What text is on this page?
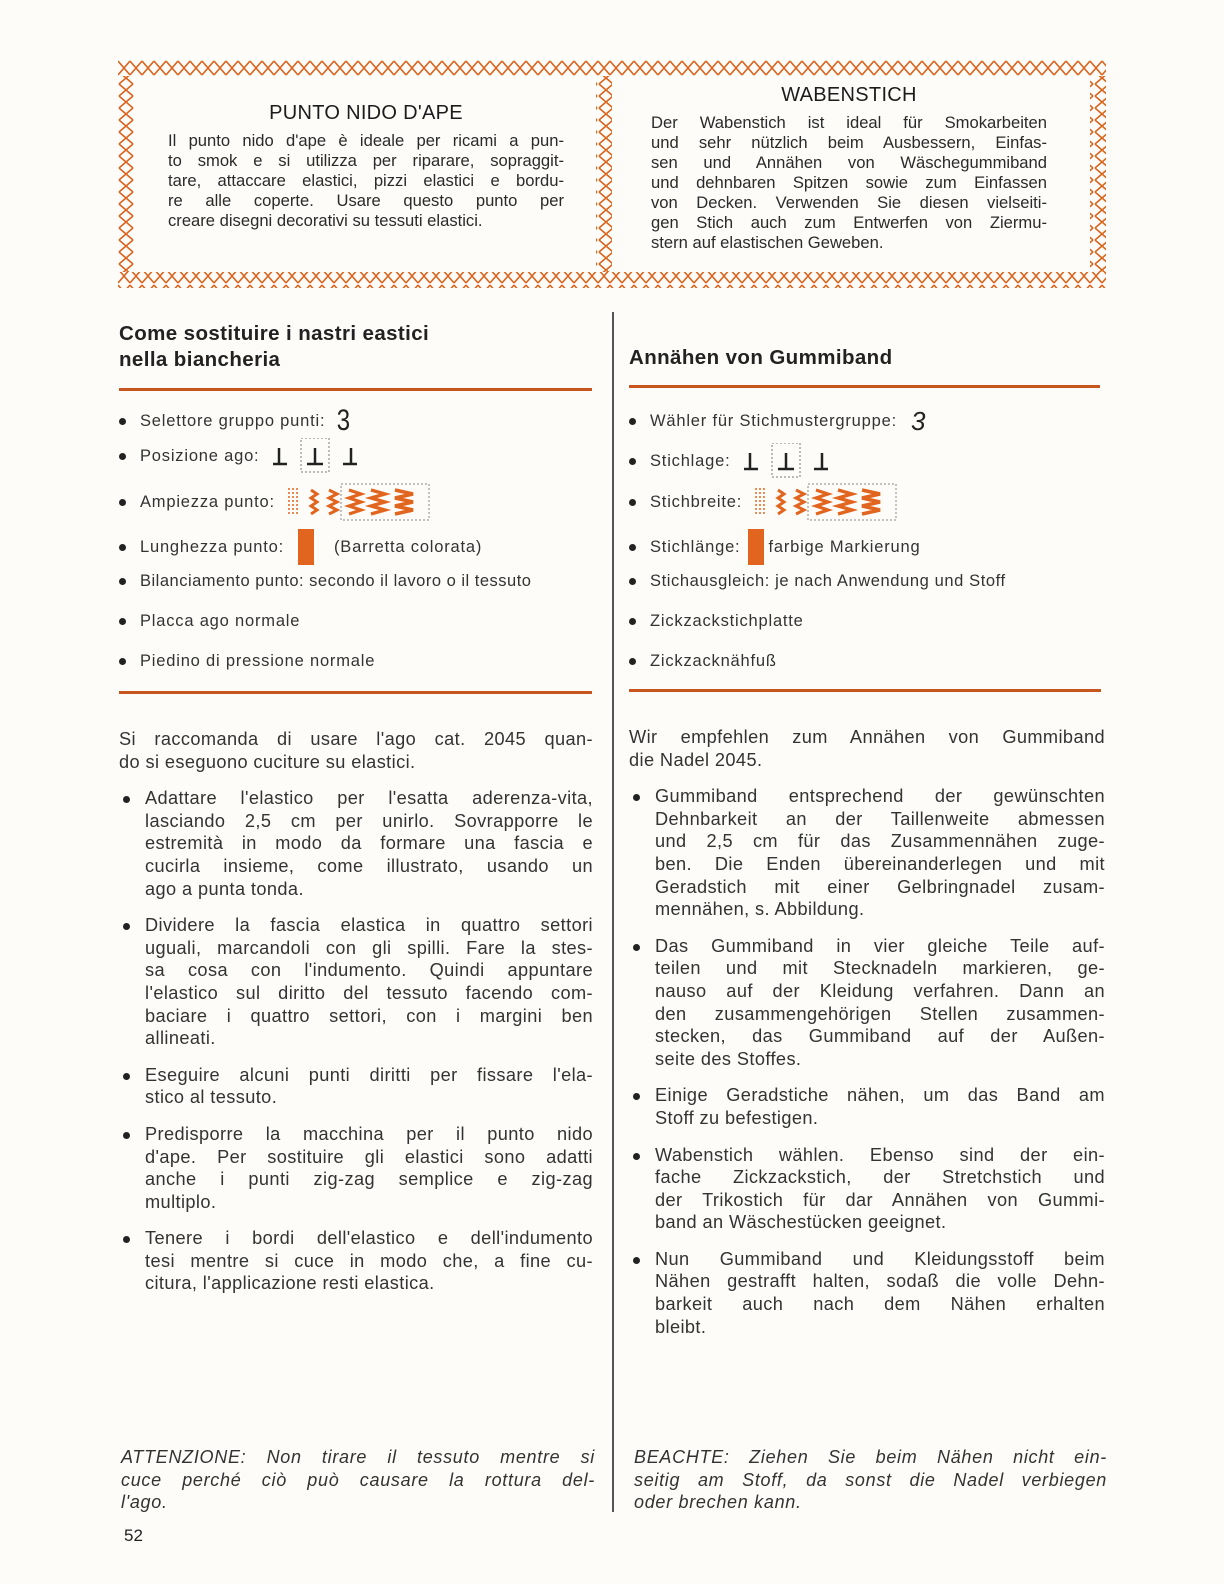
PUNTO NIDO D'APE
Il punto nido d'ape è ideale per ricami a pun-
to smok e si utilizza per riparare, sopraggit-
tare, attaccare elastici, pizzi elastici e bordu-
re alle coperte. Usare questo punto per
creare disegni decorativi su tessuti elastici.
WABENSTICH
Der Wabenstich ist ideal für Smokarbeiten
und sehr nützlich beim Ausbessern, Einfas-
sen und Annähen von Wäschegummiband
und dehnbaren Spitzen sowie zum Einfassen
von Decken. Verwenden Sie diesen vielseiti-
gen Stich auch zum Entwerfen von Ziermu-
stern auf elastischen Geweben.
Come sostituire i nastri eastici
nella biancheria
Selettore gruppo punti: 3
Posizione ago:
Ampiezza punto:
Lunghezza punto:	(Barretta colorata)
Bilanciamento punto: secondo il lavoro o il tessuto
Placca ago normale
Piedino di pressione normale
Si raccomanda di usare l'ago cat. 2045 quan-
do si eseguono cuciture su elastici.
Adattare l'elastico per l'esatta aderenza-vita,
lasciando 2,5 cm per unirlo. Sovrapporre le
estremità in modo da formare una fascia e
cucirla insieme, come illustrato, usando un
ago a punta tonda.
Dividere la fascia elastica in quattro settori
uguali, marcandoli con gli spilli. Fare la stes-
sa cosa con l'indumento. Quindi appuntare
l'elastico sul diritto del tessuto facendo com-
baciare i quattro settori, con i margini ben
allineati.
Eseguire alcuni punti diritti per fissare l'ela-
stico al tessuto.
Predisporre la macchina per il punto nido
d'ape. Per sostituire gli elastici sono adatti
anche i punti zig-zag semplice e zig-zag
multiplo.
Tenere i bordi dell'elastico e dell'indumento
tesi mentre si cuce in modo che, a fine cu-
citura, l'applicazione resti elastica.
ATTENZIONE: Non tirare il tessuto mentre si
cuce perché ciò può causare la rottura del-
l'ago.
52
Annähen von Gummiband
Wähler für Stichmustergruppe: 3
Stichlage:
Stichbreite:
Stichlänge: farbige Markierung
Stichausgleich: je nach Anwendung und Stoff
Zickzackstichplatte
Zickzacknähfuß
Wir empfehlen zum Annähen von Gummiband
die Nadel 2045.
Gummiband entsprechend der gewünschten
Dehnbarkeit an der Taillenweite abmessen
und 2,5 cm für das Zusammennähen zuge-
ben. Die Enden übereinanderlegen und mit
Geradstich mit einer Gelbringnadel zusam-
mennähen, s. Abbildung.
Das Gummiband in vier gleiche Teile auf-
teilen und mit Stecknadeln markieren, ge-
nauso auf der Kleidung verfahren. Dann an
den zusammengehörigen Stellen zusammen-
stecken, das Gummiband auf der Außen-
seite des Stoffes.
Einige Geradstiche nähen, um das Band am
Stoff zu befestigen.
Wabenstich wählen. Ebenso sind der ein-
fache Zickzackstich, der Stretchstich und
der Trikostich für dar Annähen von Gummi-
band an Wäschestücken geeignet.
Nun Gummiband und Kleidungsstoff beim
Nähen gestrafft halten, sodaß die volle Dehn-
barkeit auch nach dem Nähen erhalten
bleibt.
BEACHTE: Ziehen Sie beim Nähen nicht ein-
seitig am Stoff, da sonst die Nadel verbiegen
oder brechen kann.
